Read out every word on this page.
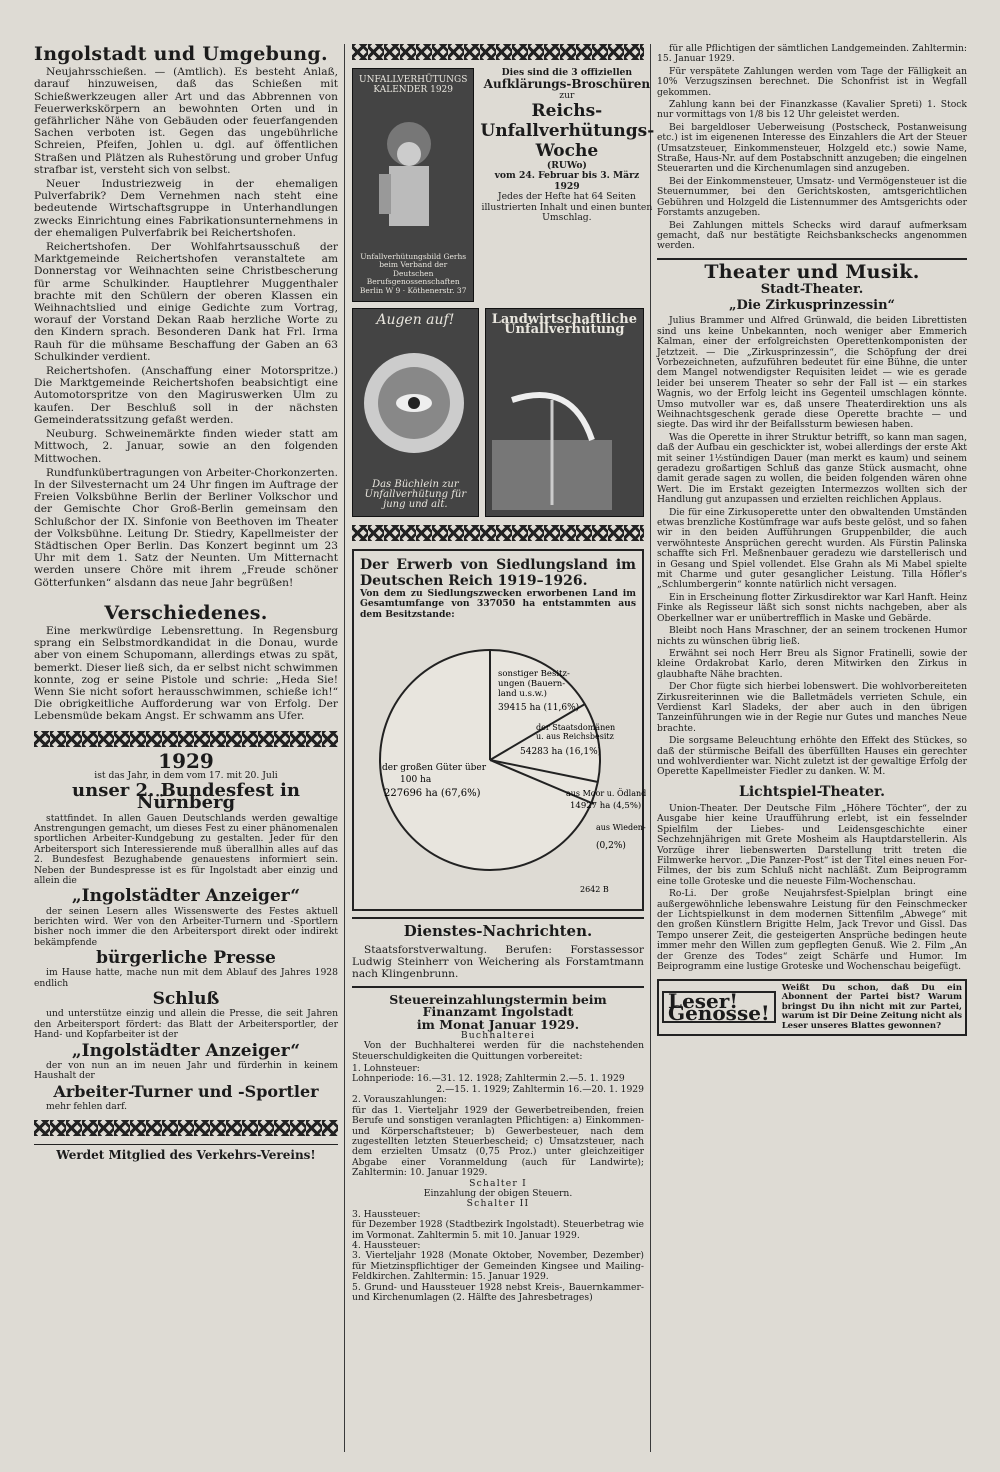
Ingolstadt und Umgebung.

Neujahrsschießen. — (Amtlich). Es besteht Anlaß, darauf hinzuweisen, daß das Schießen mit Schießwerkzeugen aller Art und das Abbrennen von Feuerwerkskörpern an bewohnten Orten und in gefährlicher Nähe von Gebäuden oder feuerfangenden Sachen verboten ist. Gegen das ungebührliche Schreien, Pfeifen, Johlen u. dgl. auf öffentlichen Straßen und Plätzen als Ruhestörung und grober Unfug strafbar ist, versteht sich von selbst.

Neuer Industriezweig in der ehemaligen Pulverfabrik? Dem Vernehmen nach steht eine bedeutende Wirtschaftsgruppe in Unterhandlungen zwecks Einrichtung eines Fabrikationsunternehmens in der ehemaligen Pulverfabrik bei Reichertshofen.

Reichertshofen. Der Wohlfahrtsausschuß der Marktgemeinde Reichertshofen veranstaltete am Donnerstag vor Weihnachten seine Christbescherung für arme Schulkinder. Hauptlehrer Muggenthaler brachte mit den Schülern der oberen Klassen ein Weihnachtslied und einige Gedichte zum Vortrag, worauf der Vorstand Dekan Raab herzliche Worte zu den Kindern sprach. Besonderen Dank hat Frl. Irma Rauh für die mühsame Beschaffung der Gaben an 63 Schulkinder verdient.

Reichertshofen. (Anschaffung einer Motorspritze.) Die Marktgemeinde Reichertshofen beabsichtigt eine Automotorspritze von den Magiruswerken Ulm zu kaufen. Der Beschluß soll in der nächsten Gemeinderatssitzung gefaßt werden.

Neuburg. Schweinemärkte finden wieder statt am Mittwoch, 2. Januar, sowie an den folgenden Mittwochen.

Rundfunkübertragungen von Arbeiter-Chorkonzerten. In der Silvesternacht um 24 Uhr fingen im Auftrage der Freien Volksbühne Berlin der Berliner Volkschor und der Gemischte Chor Groß-Berlin gemeinsam den Schlußchor der IX. Sinfonie von Beethoven im Theater der Volksbühne. Leitung Dr. Stiedry, Kapellmeister der Städtischen Oper Berlin. Das Konzert beginnt um 23 Uhr mit dem 1. Satz der Neunten. Um Mitternacht werden unsere Chöre mit ihrem „Freude schöner Götterfunken“ alsdann das neue Jahr begrüßen!

Verschiedenes.

Eine merkwürdige Lebensrettung. In Regensburg sprang ein Selbstmordkandidat in die Donau, wurde aber von einem Schupomann, allerdings etwas zu spät, bemerkt. Dieser ließ sich, da er selbst nicht schwimmen konnte, zog er seine Pistole und schrie: „Heda Sie! Wenn Sie nicht sofort herausschwimmen, schieße ich!“ Die obrigkeitliche Aufforderung war von Erfolg. Der Lebensmüde bekam Angst. Er schwamm ans Ufer.

1929
ist das Jahr, in dem vom 17. mit 20. Juli
unser 2. Bundesfest in Nürnberg

stattfindet. In allen Gauen Deutschlands werden gewaltige Anstrengungen gemacht, um dieses Fest zu einer phänomenalen sportlichen Arbeiter-Kundgebung zu gestalten. Jeder für den Arbeitersport sich Interessierende muß überallhin alles auf das 2. Bundesfest Bezughabende genauestens informiert sein. Neben der Bundespresse ist es für Ingolstadt aber einzig und allein die

„Ingolstädter Anzeiger“

der seinen Lesern alles Wissenswerte des Festes aktuell berichten wird. Wer von den Arbeiter-Turnern und -Sportlern bisher noch immer die den Arbeitersport direkt oder indirekt bekämpfende

bürgerliche Presse

im Hause hatte, mache nun mit dem Ablauf des Jahres 1928 endlich

Schluß

und unterstütze einzig und allein die Presse, die seit Jahren den Arbeitersport fördert: das Blatt der Arbeitersportler, der Hand- und Kopfarbeiter ist der

„Ingolstädter Anzeiger“

der von nun an im neuen Jahr und fürderhin in keinem Haushalt der

Arbeiter-Turner und -Sportler

mehr fehlen darf.

Werdet Mitglied des Verkehrs-Vereins!
UNFALLVERHÜTUNGS KALENDER 1929
Unfallverhütungsbild Gerhs beim Verband der Deutschen Berufsgenossenschaften Berlin W 9 · Köthenerstr. 37
Dies sind die 3 offiziellen
Aufklärungs-Broschüren
zur
Reichs-Unfallverhütungs-Woche
(RUWo)
vom 24. Februar bis 3. März 1929
Jedes der Hefte hat 64 Seiten illustrierten Inhalt und einen bunten Umschlag.
Augen auf!
Das Büchlein zur Unfallverhütung für jung und alt.
Landwirtschaftliche Unfallverhütung
Der Erwerb von Siedlungsland im Deutschen Reich 1919–1926.
Von dem zu Siedlungszwecken erworbenen Land im Gesamtumfange von 337050 ha entstammten aus dem Besitzstande:
der großen Güter über
100 ha
227696 ha (67,6%)
sonstiger Besitz-
ungen (Bauern-
land u.s.w.)
39415 ha (11,6%)
der Staatsdomänen
u. aus Reichsbesitz
54283 ha (16,1%)
aus Moor u. Ödland
14927 ha (4,5%)
aus Wieden-
(0,2%)
2642 B
Dienstes-Nachrichten.

Staatsforstverwaltung. Berufen: Forstassessor Ludwig Steinherr von Weichering als Forstamtmann nach Klingenbrunn.

Steuereinzahlungstermin beim Finanzamt Ingolstadt
im Monat Januar 1929.
Buchhalterei

Von der Buchhalterei werden für die nachstehenden Steuerschuldigkeiten die Quittungen vorbereitet:

1. Lohnsteuer:
Lohnperiode: 16.—31. 12. 1928; Zahltermin 2.—5. 1. 1929
2.—15. 1. 1929; Zahltermin 16.—20. 1. 1929
2. Vorauszahlungen:
für das 1. Vierteljahr 1929 der Gewerbetreibenden, freien Berufe und sonstigen veranlagten Pflichtigen: a) Einkommen- und Körperschaftsteuer; b) Gewerbesteuer, nach dem zugestellten letzten Steuerbescheid; c) Umsatzsteuer, nach dem erzielten Umsatz (0,75 Proz.) unter gleichzeitiger Abgabe einer Voranmeldung (auch für Landwirte); Zahltermin: 10. Januar 1929.
Schalter I
Einzahlung der obigen Steuern.
Schalter II
3. Haussteuer:
für Dezember 1928 (Stadtbezirk Ingolstadt). Steuerbetrag wie im Vormonat. Zahltermin 5. mit 10. Januar 1929.
4. Haussteuer:
3. Vierteljahr 1928 (Monate Oktober, November, Dezember) für Mietzinspflichtiger der Gemeinden Kingsee und Mailing-Feldkirchen. Zahltermin: 15. Januar 1929.
5. Grund- und Haussteuer 1928 nebst Kreis-, Bauernkammer- und Kirchenumlagen (2. Hälfte des Jahresbetrages)

für alle Pflichtigen der sämtlichen Landgemeinden. Zahltermin: 15. Januar 1929.

Für verspätete Zahlungen werden vom Tage der Fälligkeit an 10% Verzugszinsen berechnet. Die Schonfrist ist in Wegfall gekommen.

Zahlung kann bei der Finanzkasse (Kavalier Spreti) 1. Stock nur vormittags von 1/8 bis 12 Uhr geleistet werden.

Bei bargeldloser Ueberweisung (Postscheck, Postanweisung etc.) ist im eigenenen Interesse des Einzahlers die Art der Steuer (Umsatzsteuer, Einkommensteuer, Holzgeld etc.) sowie Name, Straße, Haus-Nr. auf dem Postabschnitt anzugeben; die eingelnen Steuerarten und die Kirchenumlagen sind anzugeben.

Bei der Einkommensteuer, Umsatz- und Vermögensteuer ist die Steuernummer, bei den Gerichtskosten, amtsgerichtlichen Gebühren und Holzgeld die Listennummer des Amtsgerichts oder Forstamts anzugeben.

Bei Zahlungen mittels Schecks wird darauf aufmerksam gemacht, daß nur bestätigte Reichsbankschecks angenommen werden.

Theater und Musik.
Stadt-Theater.
„Die Zirkusprinzessin“

Julius Brammer und Alfred Grünwald, die beiden Librettisten sind uns keine Unbekannten, noch weniger aber Emmerich Kalman, einer der erfolgreichsten Operettenkomponisten der Jetztzeit. — Die „Zirkusprinzessin“, die Schöpfung der drei Vorbezeichneten, aufzuführen bedeutet für eine Bühne, die unter dem Mangel notwendigster Requisiten leidet — wie es gerade leider bei unserem Theater so sehr der Fall ist — ein starkes Wagnis, wo der Erfolg leicht ins Gegenteil umschlagen könnte. Umso mutvoller war es, daß unsere Theaterdirektion uns als Weihnachtsgeschenk gerade diese Operette brachte — und siegte. Das wird ihr der Beifallssturm bewiesen haben.

Was die Operette in ihrer Struktur betrifft, so kann man sagen, daß der Aufbau ein geschickter ist, wobei allerdings der erste Akt mit seiner 1½stündigen Dauer (man merkt es kaum) und seinem geradezu großartigen Schluß das ganze Stück ausmacht, ohne damit gerade sagen zu wollen, die beiden folgenden wären ohne Wert. Die im Erstakt gezeigten Intermezzos wollten sich der Handlung gut anzupassen und erzielten reichlichen Applaus.

Die für eine Zirkusoperette unter den obwaltenden Umständen etwas brenzliche Kostümfrage war aufs beste gelöst, und so fahen wir in den beiden Aufführungen Gruppenbilder, die auch verwöhnteste Ansprüchen gerecht wurden. Als Fürstin Palinska schaffte sich Frl. Meßnenbauer geradezu wie darstellerisch und in Gesang und Spiel vollendet. Else Grahn als Mi Mabel spielte mit Charme und guter gesanglicher Leistung. Tilla Höfler's „Schlumbergerin“ konnte natürlich nicht versagen.

Ein in Erscheinung flotter Zirkusdirektor war Karl Hanft. Heinz Finke als Regisseur läßt sich sonst nichts nachgeben, aber als Oberkellner war er unübertrefflich in Maske und Gebärde.

Bleibt noch Hans Mraschner, der an seinem trockenen Humor nichts zu wünschen übrig ließ.

Erwähnt sei noch Herr Breu als Signor Fratinelli, sowie der kleine Ordakrobat Karlo, deren Mitwirken den Zirkus in glaubhafte Nähe brachten.

Der Chor fügte sich hierbei lobenswert. Die wohlvorbereiteten Zirkusreiterinnen wie die Balletmädels verrieten Schule, ein Verdienst Karl Sladeks, der aber auch in den übrigen Tanzeinführungen wie in der Regie nur Gutes und manches Neue brachte.

Die sorgsame Beleuchtung erhöhte den Effekt des Stückes, so daß der stürmische Beifall des überfüllten Hauses ein gerechter und wohlverdienter war. Nicht zuletzt ist der gewaltige Erfolg der Operette Kapellmeister Fiedler zu danken. W. M.

Lichtspiel-Theater.

Union-Theater. Der Deutsche Film „Höhere Töchter“, der zu Ausgabe hier keine Uraufführung erlebt, ist ein fesselnder Spielfilm der Liebes- und Leidensgeschichte einer Sechzehnjährigen mit Grete Mosheim als Hauptdarstellerin. Als Vorzüge ihrer liebenswerten Darstellung tritt treten die Filmwerke hervor. „Die Panzer-Post“ ist der Titel eines neuen For-Filmes, der bis zum Schluß nicht nachläßt. Zum Beiprogramm eine tolle Groteske und die neueste Film-Wochenschau.

Ro-Li. Der große Neujahrsfest-Spielplan bringt eine außergewöhnliche lebenswahre Leistung für den Feinschmecker der Lichtspielkunst in dem modernen Sittenfilm „Abwege“ mit den großen Künstlern Brigitte Helm, Jack Trevor und Gissl. Das Tempo unserer Zeit, die gesteigerten Ansprüche bedingen heute immer mehr den Willen zum gepflegten Genuß. Wie 2. Film „An der Grenze des Todes“ zeigt Schärfe und Humor. Im Beiprogramm eine lustige Groteske und Wochenschau beigefügt.

Leser! Genosse!
Weißt Du schon, daß Du ein Abonnent der Partei bist? Warum bringst Du ihn nicht mit zur Partei, warum ist Dir Deine Zeitung nicht als Leser unseres Blattes gewonnen?
